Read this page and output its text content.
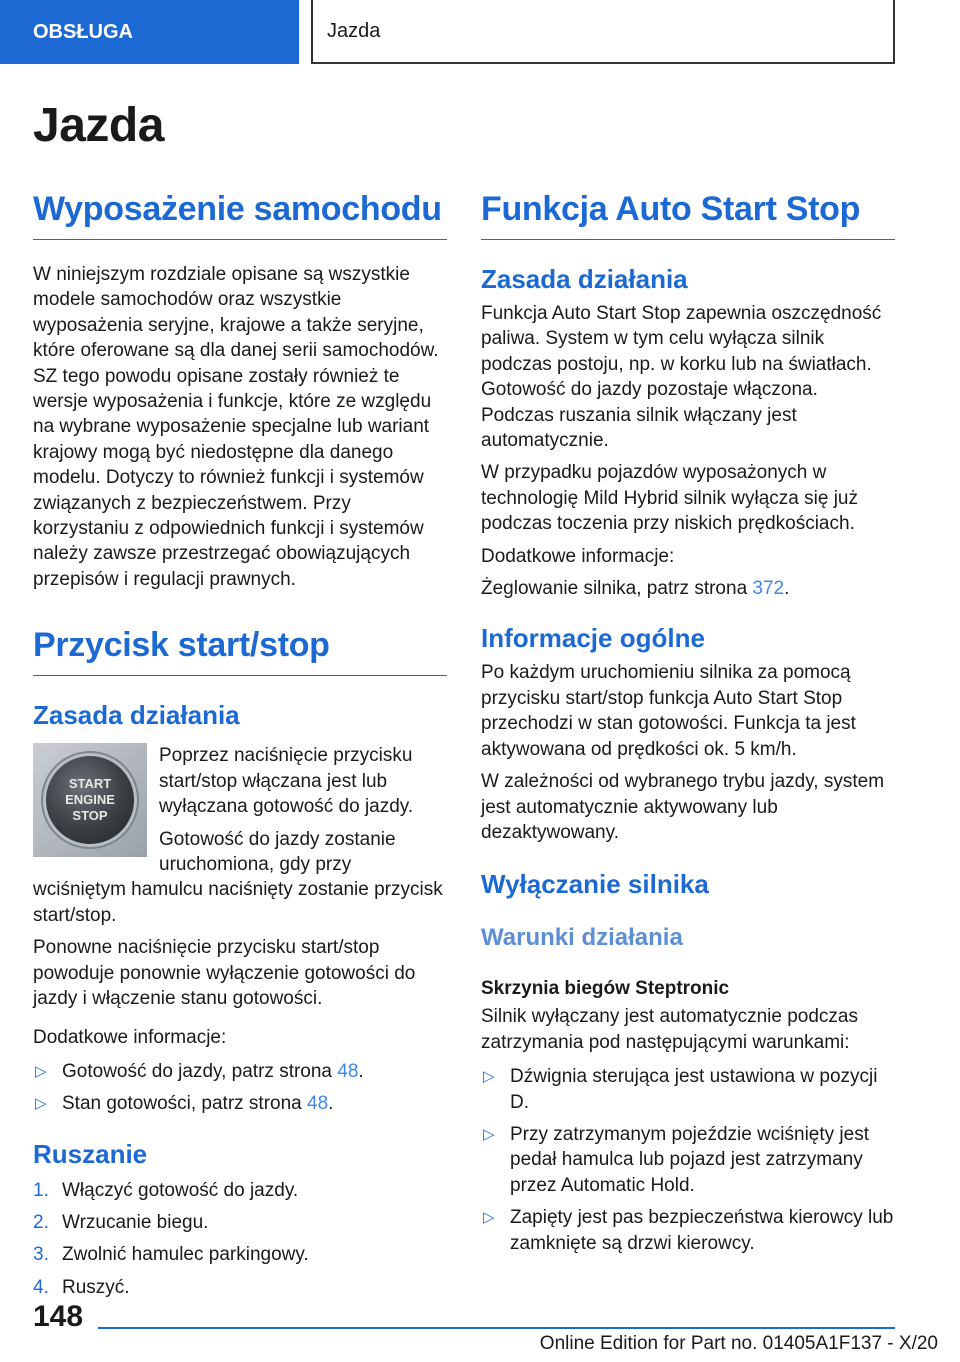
OBSŁUGA	Jazda
Jazda
Wyposażenie samochodu

W niniejszym rozdziale opisane są wszystkie modele samochodów oraz wszystkie wyposażenia seryjne, krajowe a także seryjne, które oferowane są dla danej serii samochodów. SZ tego powodu opisane zostały również te wersje wyposażenia i funkcje, które ze względu na wybrane wyposażenie specjalne lub wariant krajowy mogą być niedostępne dla danego modelu. Dotyczy to również funkcji i systemów związanych z bezpieczeństwem. Przy korzystaniu z odpowiednich funkcji i systemów należy zawsze przestrzegać obowiązujących przepisów i regulacji prawnych.

Przycisk start/stop
Zasada działania
START
ENGINE
STOP

Poprzez naciśnięcie przycisku start/stop włączana jest lub wyłączana gotowość do jazdy.

Gotowość do jazdy zostanie uruchomiona, gdy przy wciśniętym hamulcu naciśnięty zostanie przycisk start/stop.

Ponowne naciśnięcie przycisku start/stop powoduje ponownie wyłączenie gotowości do jazdy i włączenie stanu gotowości.

Dodatkowe informacje:

▷ Gotowość do jazdy, patrz strona 48.
▷ Stan gotowości, patrz strona 48.
Ruszanie
1. Włączyć gotowość do jazdy.
2. Wrzucanie biegu.
3. Zwolnić hamulec parkingowy.
4. Ruszyć.
Funkcja Auto Start Stop
Zasada działania

Funkcja Auto Start Stop zapewnia oszczędność paliwa. System w tym celu wyłącza silnik podczas postoju, np. w korku lub na światłach. Gotowość do jazdy pozostaje włączona. Podczas ruszania silnik włączany jest automatycznie.

W przypadku pojazdów wyposażonych w technologię Mild Hybrid silnik wyłącza się już podczas toczenia przy niskich prędkościach.

Dodatkowe informacje:

Żeglowanie silnika, patrz strona 372.

Informacje ogólne

Po każdym uruchomieniu silnika za pomocą przycisku start/stop funkcja Auto Start Stop przechodzi w stan gotowości. Funkcja ta jest aktywowana od prędkości ok. 5 km/h.

W zależności od wybranego trybu jazdy, system jest automatycznie aktywowany lub dezaktywowany.

Wyłączanie silnika
Warunki działania
Skrzynia biegów Steptronic

Silnik wyłączany jest automatycznie podczas zatrzymania pod następującymi warunkami:

▷ Dźwignia sterująca jest ustawiona w pozycji D.
▷ Przy zatrzymanym pojeździe wciśnięty jest pedał hamulca lub pojazd jest zatrzymany przez Automatic Hold.
▷ Zapięty jest pas bezpieczeństwa kierowcy lub zamknięte są drzwi kierowcy.
148
Online Edition for Part no. 01405A1F137 - X/20
